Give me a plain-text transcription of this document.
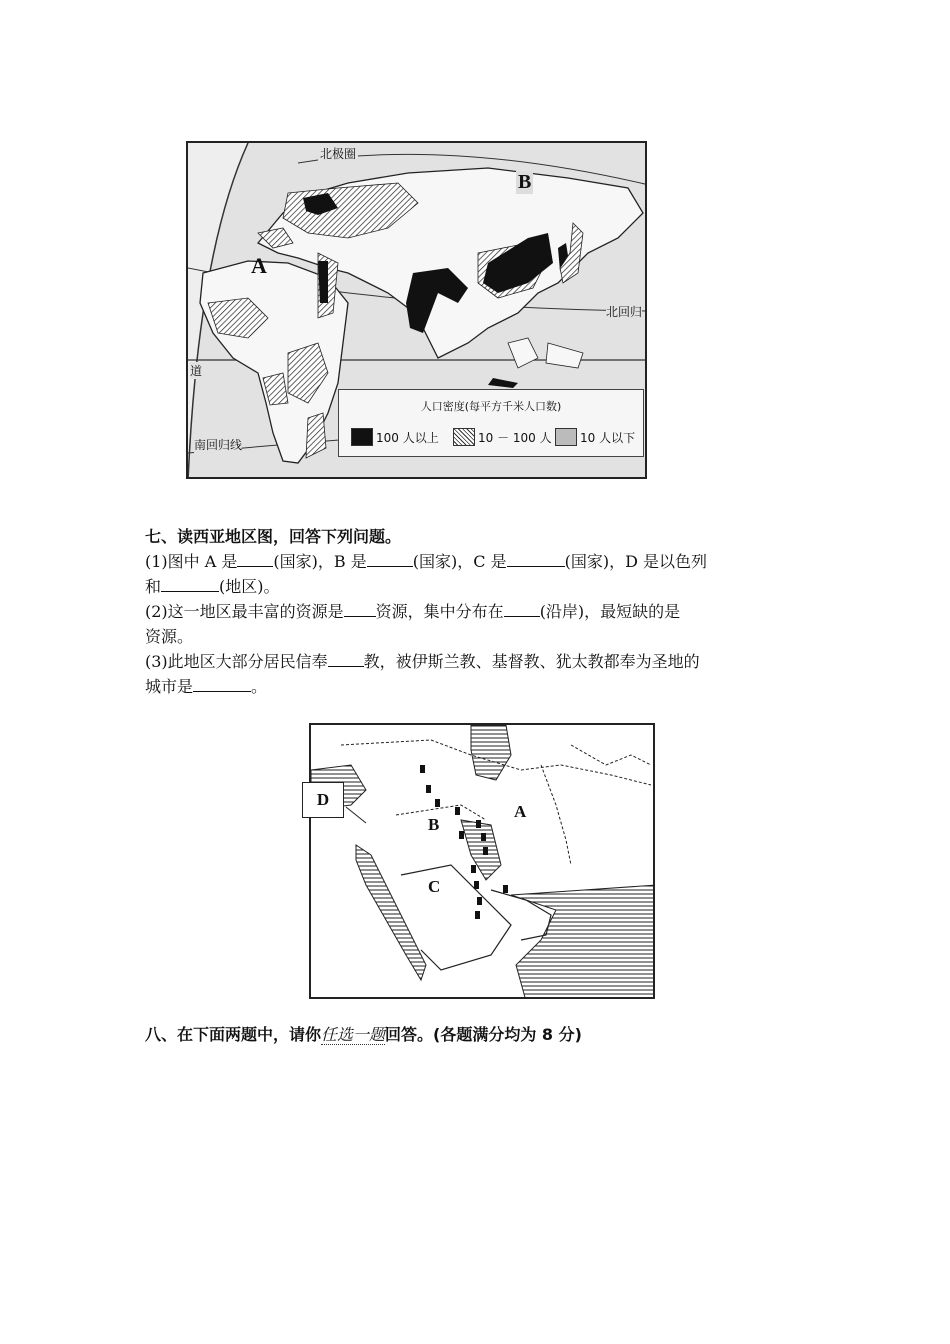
北极圈
北回归
道
南回归线
A
B
人口密度(每平方千米人口数)
100 人以上	10 － 100 人 10 人以下
七、读西亚地区图，回答下列问题。
(1)图中 A 是 (国家)，B 是	(国家)，C 是	(国家)，D 是以色列
和	(地区)。
(2)这一地区最丰富的资源是 资源，集中分布在 (沿岸)，最短缺的是
资源。
(3)此地区大部分居民信奉 教，被伊斯兰教、基督教、犹太教都奉为圣地的
城市是	。
D
A
B
C
八、在下面两题中，请你任选一题回答。(各题满分均为 8 分)
